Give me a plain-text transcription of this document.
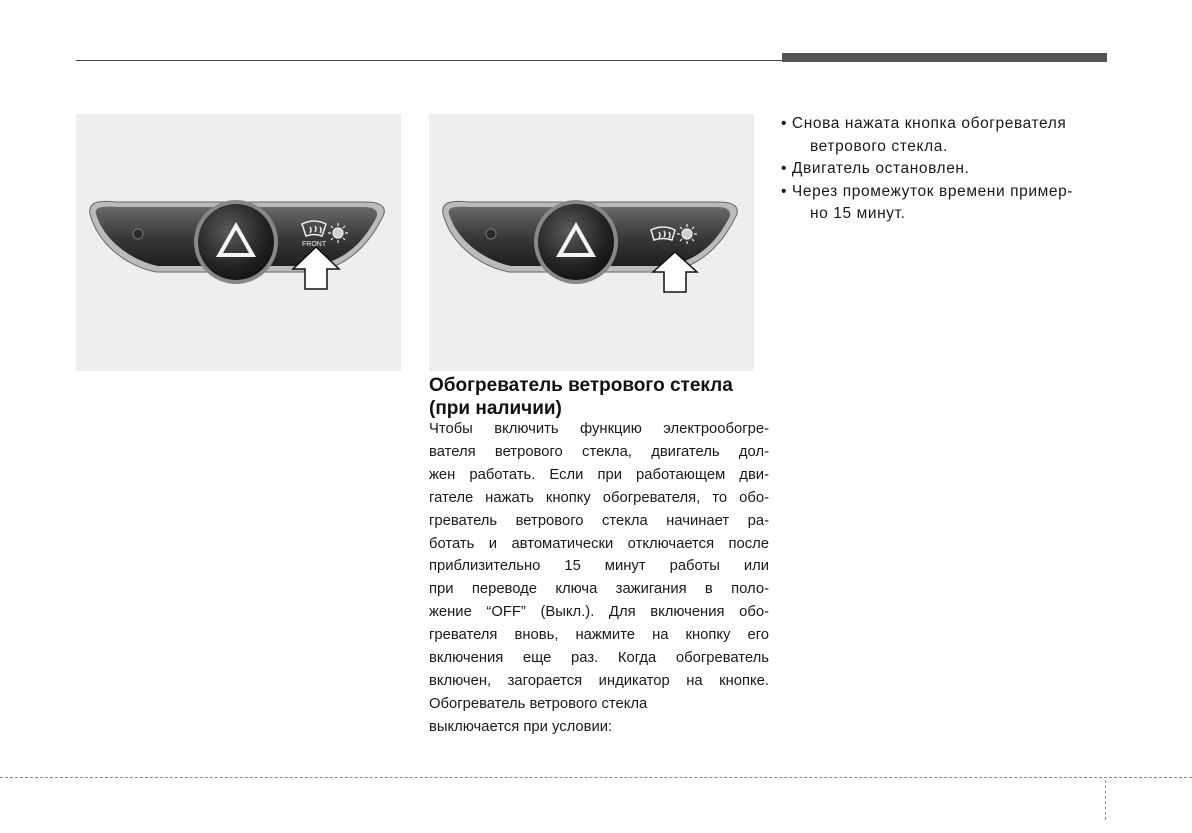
FRONT
Обогреватель ветрового стекла
(при наличии)
Чтобы включить функцию электрообогре-
вателя ветрового стекла, двигатель дол-
жен работать. Если при работающем дви-
гателе нажать кнопку обогревателя, то обо-
греватель ветрового стекла начинает ра-
ботать и автоматически отключается после
приблизительно 15 минут работы или
при переводе ключа зажигания в поло-
жение “OFF” (Выкл.). Для включения обо-
гревателя вновь, нажмите на кнопку его
включения еще раз. Когда обогреватель
включен, загорается индикатор на кнопке.
Обогреватель ветрового стекла
выключается при условии:
• Снова нажата кнопка обогревателя
ветрового стекла.
• Двигатель остановлен.
• Через промежуток времени пример-
но 15 минут.
